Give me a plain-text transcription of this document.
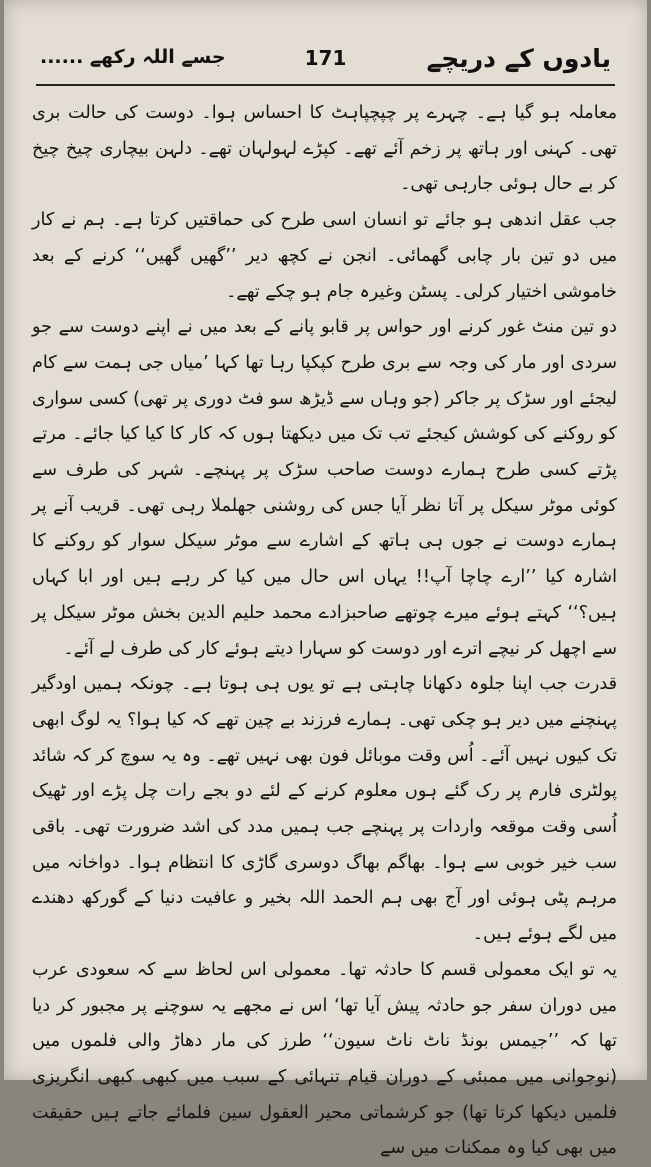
یادوں کے دریچے
171
جسے اللہ رکھے ......

معاملہ ہو گیا ہے۔ چہرے پر چپچپاہٹ کا احساس ہوا۔ دوست کی حالت بری تھی۔ کہنی اور ہاتھ پر زخم آئے تھے۔ کپڑے لہولہان تھے۔ دلہن بیچاری چیخ چیخ کر بے حال ہوئی جارہی تھی۔

جب عقل اندھی ہو جائے تو انسان اسی طرح کی حماقتیں کرتا ہے۔ ہم نے کار میں دو تین بار چابی گھمائی۔ انجن نے کچھ دیر ’’گھیں گھیں‘‘ کرنے کے بعد خاموشی اختیار کرلی۔ پسٹن وغیرہ جام ہو چکے تھے۔

دو تین منٹ غور کرنے اور حواس پر قابو پانے کے بعد میں نے اپنے دوست سے جو سردی اور مار کی وجہ سے بری طرح کپکپا رہا تھا کہا ’میاں جی ہمت سے کام لیجئے اور سڑک پر جاکر (جو وہاں سے ڈیڑھ سو فٹ دوری پر تھی) کسی سواری کو روکنے کی کوشش کیجئے تب تک میں دیکھتا ہوں کہ کار کا کیا کیا جائے۔ مرتے پڑتے کسی طرح ہمارے دوست صاحب سڑک پر پہنچے۔ شہر کی طرف سے کوئی موٹر سیکل پر آتا نظر آیا جس کی روشنی جھلملا رہی تھی۔ قریب آنے پر ہمارے دوست نے جوں ہی ہاتھ کے اشارے سے موٹر سیکل سوار کو روکنے کا اشارہ کیا ’’ارے چاچا آپ!! یہاں اس حال میں کیا کر رہے ہیں اور ابا کہاں ہیں؟‘‘ کہتے ہوئے میرے چوتھے صاحبزادے محمد حلیم الدین بخش موٹر سیکل پر سے اچھل کر نیچے اترے اور دوست کو سہارا دیتے ہوئے کار کی طرف لے آئے۔

قدرت جب اپنا جلوہ دکھانا چاہتی ہے تو یوں ہی ہوتا ہے۔ چونکہ ہمیں اودگیر پہنچنے میں دیر ہو چکی تھی۔ ہمارے فرزند بے چین تھے کہ کیا ہوا؟ یہ لوگ ابھی تک کیوں نہیں آئے۔ اُس وقت موبائل فون بھی نہیں تھے۔ وہ یہ سوچ کر کہ شائد پولٹری فارم پر رک گئے ہوں معلوم کرنے کے لئے دو بجے رات چل پڑے اور ٹھیک اُسی وقت موقعہ واردات پر پہنچے جب ہمیں مدد کی اشد ضرورت تھی۔ باقی سب خیر خوبی سے ہوا۔ بھاگم بھاگ دوسری گاڑی کا انتظام ہوا۔ دواخانہ میں مرہم پٹی ہوئی اور آج بھی ہم الحمد اللہ بخیر و عافیت دنیا کے گورکھ دھندے میں لگے ہوئے ہیں۔

یہ تو ایک معمولی قسم کا حادثہ تھا۔ معمولی اس لحاظ سے کہ سعودی عرب میں دوران سفر جو حادثہ پیش آیا تھا‘ اس نے مجھے یہ سوچنے پر مجبور کر دیا تھا کہ ’’جیمس بونڈ ناٹ ناٹ سیون‘‘ طرز کی مار دھاڑ والی فلموں میں (نوجوانی میں ممبئی کے دوران قیام تنہائی کے سبب میں کبھی کبھی انگریزی فلمیں دیکھا کرتا تھا) جو کرشماتی محیر العقول سین فلمائے جاتے ہیں حقیقت میں بھی کیا وہ ممکنات میں سے
